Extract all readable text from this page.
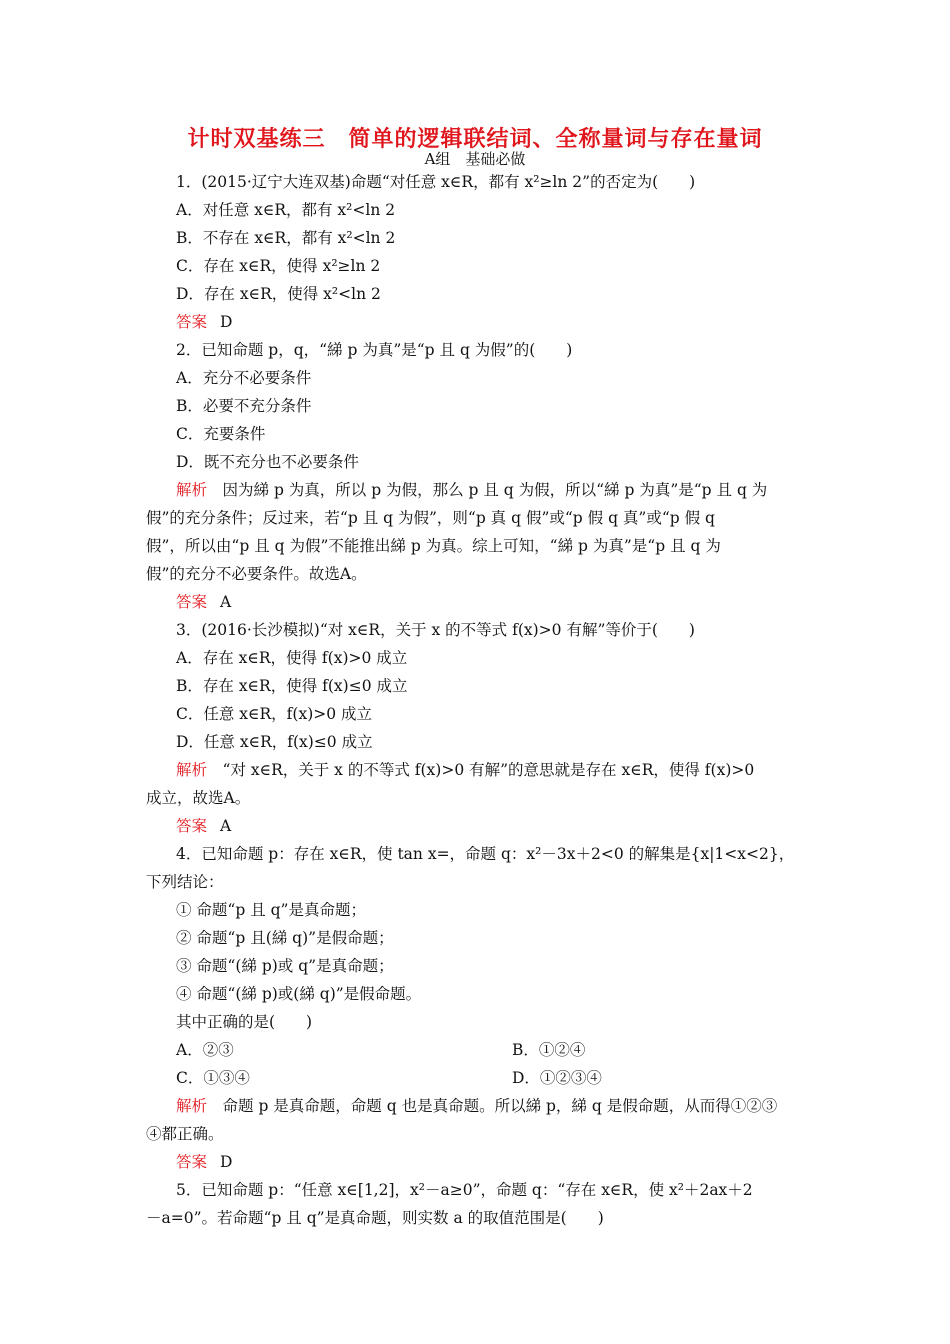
计时双基练三　简单的逻辑联结词、全称量词与存在量词
A组　基础必做
1．(2015·辽宁大连双基)命题“对任意 x∈R，都有 x²≥ln 2”的否定为(　　)
A．对任意 x∈R，都有 x²<ln 2
B．不存在 x∈R，都有 x²<ln 2
C．存在 x∈R，使得 x²≥ln 2
D．存在 x∈R，使得 x²<ln 2
答案 D
2．已知命题 p，q，“綈 p 为真”是“p 且 q 为假”的(　　)
A．充分不必要条件
B．必要不充分条件
C．充要条件
D．既不充分也不必要条件
解析　因为綈 p 为真，所以 p 为假，那么 p 且 q 为假，所以“綈 p 为真”是“p 且 q 为
假”的充分条件；反过来，若“p 且 q 为假”，则“p 真 q 假”或“p 假 q 真”或“p 假 q
假”，所以由“p 且 q 为假”不能推出綈 p 为真。综上可知，“綈 p 为真”是“p 且 q 为
假”的充分不必要条件。故选A。
答案 A
3．(2016·长沙模拟)“对 x∈R，关于 x 的不等式 f(x)>0 有解”等价于(　　)
A．存在 x∈R，使得 f(x)>0 成立
B．存在 x∈R，使得 f(x)≤0 成立
C．任意 x∈R，f(x)>0 成立
D．任意 x∈R，f(x)≤0 成立
解析　“对 x∈R，关于 x 的不等式 f(x)>0 有解”的意思就是存在 x∈R，使得 f(x)>0
成立，故选A。
答案 A
4．已知命题 p：存在 x∈R，使 tan x=，命题 q：x²－3x＋2<0 的解集是{x|1<x<2}，
下列结论：
① 命题“p 且 q”是真命题；
② 命题“p 且(綈 q)”是假命题；
③ 命题“(綈 p)或 q”是真命题；
④ 命题“(綈 p)或(綈 q)”是假命题。
其中正确的是(　　)
A．②③	B．①②④
C．①③④	D．①②③④
解析　命题 p 是真命题，命题 q 也是真命题。所以綈 p，綈 q 是假命题，从而得①②③
④都正确。
答案 D
5．已知命题 p：“任意 x∈[1,2]，x²－a≥0”，命题 q：“存在 x∈R，使 x²＋2ax＋2
－a=0”。若命题“p 且 q”是真命题，则实数 a 的取值范围是(　　)
